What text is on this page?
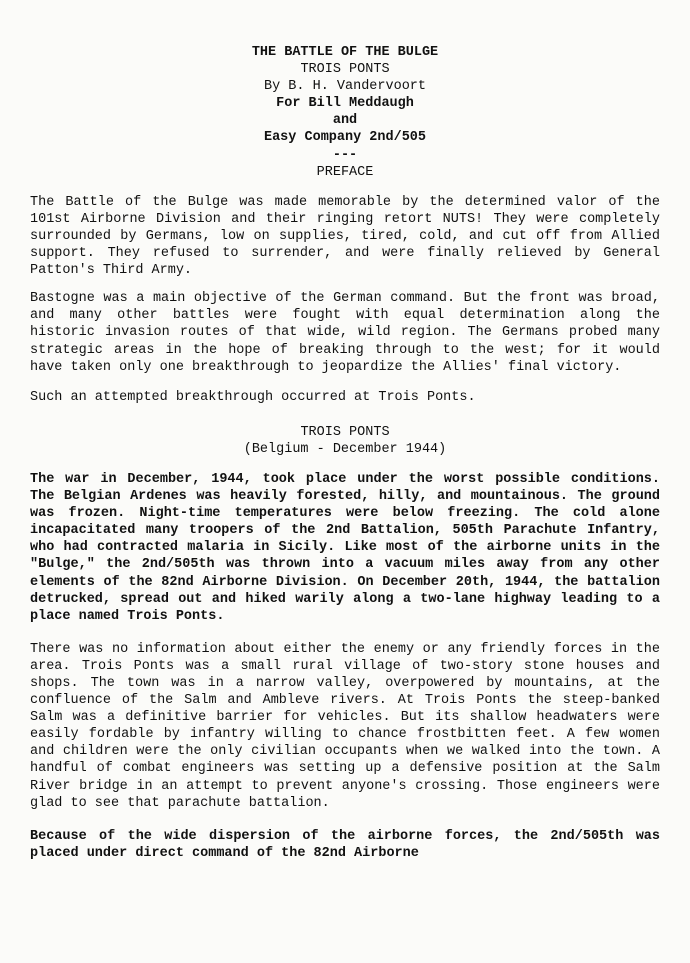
THE BATTLE OF THE BULGE

TROIS PONTS

By B. H. Vandervoort

For Bill Meddaugh

and

Easy Company 2nd/505

---

PREFACE

The Battle of the Bulge was made memorable by the determined valor of the 101st Airborne Division and their ringing retort NUTS! They were completely surrounded by Germans, low on supplies, tired, cold, and cut off from Allied support. They refused to surrender, and were finally relieved by General Patton's Third Army.

Bastogne was a main objective of the German command. But the front was broad, and many other battles were fought with equal determination along the historic invasion routes of that wide, wild region. The Germans probed many strategic areas in the hope of breaking through to the west; for it would have taken only one breakthrough to jeopardize the Allies' final victory.

Such an attempted breakthrough occurred at Trois Ponts.

TROIS PONTS

(Belgium - December 1944)

The war in December, 1944, took place under the worst possible conditions. The Belgian Ardenes was heavily forested, hilly, and mountainous. The ground was frozen. Night-time temperatures were below freezing. The cold alone incapacitated many troopers of the 2nd Battalion, 505th Parachute Infantry, who had contracted malaria in Sicily. Like most of the airborne units in the "Bulge," the 2nd/505th was thrown into a vacuum miles away from any other elements of the 82nd Airborne Division. On December 20th, 1944, the battalion detrucked, spread out and hiked warily along a two-lane highway leading to a place named Trois Ponts.

There was no information about either the enemy or any friendly forces in the area. Trois Ponts was a small rural village of two-story stone houses and shops. The town was in a narrow valley, overpowered by mountains, at the confluence of the Salm and Ambleve rivers. At Trois Ponts the steep-banked Salm was a definitive barrier for vehicles. But its shallow headwaters were easily fordable by infantry willing to chance frostbitten feet. A few women and children were the only civilian occupants when we walked into the town. A handful of combat engineers was setting up a defensive position at the Salm River bridge in an attempt to prevent anyone's crossing. Those engineers were glad to see that parachute battalion.

Because of the wide dispersion of the airborne forces, the 2nd/505th was placed under direct command of the 82nd Airborne
